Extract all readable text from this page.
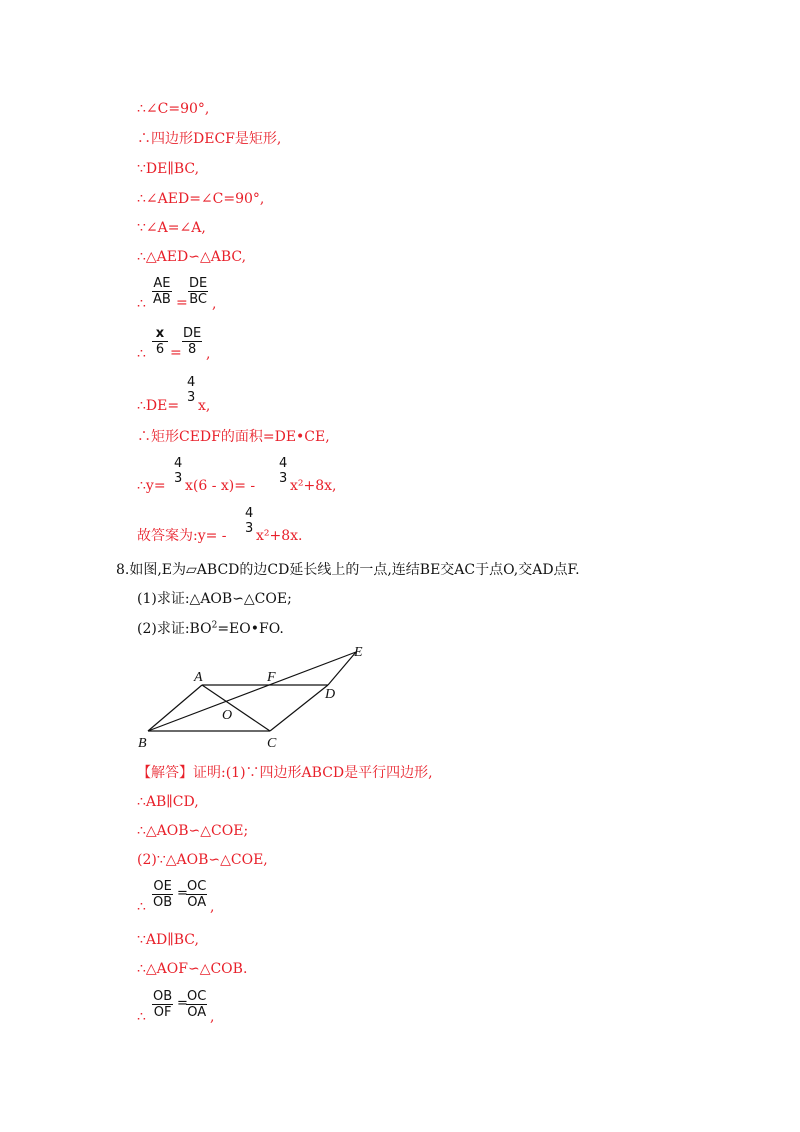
∴∠C=90°,
∴四边形DECF是矩形,
∵DE∥BC,
∴∠AED=∠C=90°,
∵∠A=∠A,
∴△AED∽△ABC,
∴ $\frac{AE}{AB} = \frac{DE}{BC}$ ,
∴ $\frac{x}{6} = \frac{DE}{8}$ ,
∴DE=
4
3
x,
∴矩形CEDF的面积=DE•CE,
∴y=
4
3 x(6 - x)= -
4
3 x²+8x,
故答案为:y= -
4
3 x²+8x.
8.如图,E为▱ABCD的边CD延长线上的一点,连结BE交AC于点O,交AD点F.
(1)求证:△AOB∽△COE;
(2)求证$:BO^2=EO•FO$.
A
B	C
D
E
F
O
【解答】证明:(1)∵四边形ABCD是平行四边形,
∴AB∥CD,
∴△AOB∽△COE;
(2)∵△AOB∽△COE,
∴ $\frac{OE}{OB}$ =
$\frac{OC}{OA}$ ,
∵AD∥BC,
∴△AOF∽△COB.
∴ $\frac{OB}{OF}$ =
$\frac{OC}{OA}$ ,
